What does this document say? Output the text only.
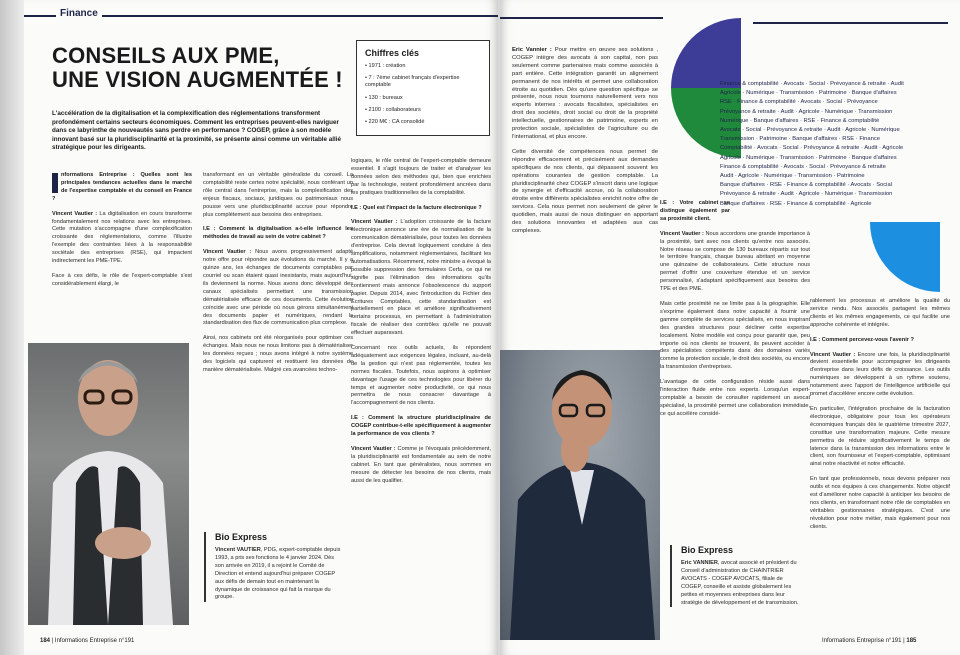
Finance
CONSEILS AUX PME,
UNE VISION AUGMENTÉE !
Chiffres clés
• 1971 : création
• 7 : 7ème cabinet français d'expertise comptable
• 130 : bureaux
• 2100 : collaborateurs
• 220 M€ : CA consolidé
L'accélération de la digitalisation et la complexification des réglementations transforment profondément certains secteurs économiques. Comment les entreprises peuvent-elles naviguer dans ce labyrinthe de nouveautés sans perdre en performance ? COGEP, grâce à son modèle innovant basé sur la pluridisciplinarité et la proximité, se présente ainsi comme un véritable allié stratégique pour les dirigeants.

nformations Entreprise : Quelles sont les principales tendances actuelles dans le marché de l'expertise comptable et du conseil en France ?

Vincent Vautier : La digitalisation en cours transforme fondamentalement nos relations avec les entreprises. Cette mutation s'accompagne d'une complexification croissante des réglementations, comme l'illustre l'exemple des contraintes liées à la responsabilité sociétale des entreprises (RSE), qui impactent indirectement les PME-TPE.

Face à ces défis, le rôle de l'expert-comptable s'est considérablement élargi, le

transformant en un véritable généraliste du conseil. La comptabilité reste certes notre spécialité, nous conférant un rôle central dans l'entreprise, mais la complexification des enjeux fiscaux, sociaux, juridiques ou patrimoniaux nous pousse vers une pluridisciplinarité accrue pour répondre plus complètement aux besoins des entreprises.

I.E : Comment la digitalisation a-t-elle influencé les méthodes de travail au sein de votre cabinet ?

Vincent Vautier : Nous avons progressivement adapté notre offre pour répondre aux évolutions du marché. Il y a quinze ans, les échanges de documents comptables par courriel ou scan étaient quasi inexistants, mais aujourd'hui, ils deviennent la norme. Nous avons donc développé des canaux spécialisés permettant une transmission dématérialisée efficace de ces documents. Cette évolution coïncide avec une période où nous gérons simultanément des documents papier et numériques, rendant la standardisation des flux de communication plus complexe.

Ainsi, nos cabinets ont été réorganisés pour optimiser ces échanges. Mais nous ne nous limitons pas à dématérialiser les données reçues ; nous avons intégré à notre système des logiciels qui capturent et restituent les données de manière dématérialisée. Malgré ces avancées techno-

Bio Express

Vincent VAUTIER, PDG, expert-comptable depuis 1993, a pris ses fonctions le 4 janvier 2024. Dès son arrivée en 2019, il a rejoint le Comité de Direction et entend aujourd'hui préparer COGEP aux défis de demain tout en maintenant la dynamique de croissance qui fait la marque du groupe.

logiques, le rôle central de l'expert-comptable demeure essentiel. Il s'agit toujours de traiter et d'analyser les données selon des méthodes qui, bien que enrichies par la technologie, restent profondément ancrées dans les pratiques traditionnelles de la comptabilité.

I.E : Quel est l'impact de la facture électronique ?

Vincent Vautier : L'adoption croissante de la facture électronique annonce une ère de normalisation de la communication dématérialisée, pour toutes les données d'entreprise. Cela devrait logiquement conduire à des simplifications, notamment réglementaires, facilitant les automatisations. Récemment, notre ministre a évoqué la possible suppression des formulaires Cerfa, ce qui ne signifie pas l'élimination des informations qu'ils contiennent mais annonce l'obsolescence du support papier. Depuis 2014, avec l'introduction du Fichier des Écritures Comptables, cette standardisation est partiellement en place et améliore significativement certains processus, en permettant à l'administration fiscale de réaliser des contrôles qu'elle ne pouvait effectuer auparavant.

Concernant nos outils actuels, ils répondent adéquatement aux exigences légales, incluant, au-delà de la gestion qui n'est pas réglementée, toutes les normes fiscales. Toutefois, nous aspirons à optimiser davantage l'usage de ces technologies pour libérer du temps et augmenter notre productivité, ce qui nous permettra de nous consacrer davantage à l'accompagnement de nos clients.

I.E : Comment la structure pluridisciplinaire de COGEP contribue-t-elle spécifiquement à augmenter la performance de vos clients ?

Vincent Vautier : Comme je l'évoquais précédemment, la pluridisciplinarité est fondamentale au sein de notre cabinet. En tant que généralistes, nous sommes en mesure de détecter les besoins de nos clients, mais aussi de les qualifier.

184 | Informations Entreprise n°191
Finance & comptabilité · Avocats · Social · Prévoyance & retraite · Audit
Agricole · Numérique · Transmission · Patrimoine · Banque d'affaires
RSE · Finance & comptabilité · Avocats · Social · Prévoyance
Prévoyance & retraite · Audit · Agricole · Numérique · Transmission
Numérique · Banque d'affaires · RSE · Finance & comptabilité
Avocats · Social · Prévoyance & retraite · Audit · Agricole · Numérique
Transmission · Patrimoine · Banque d'affaires · RSE · Finance
Comptabilité · Avocats · Social · Prévoyance & retraite · Audit · Agricole
Agricole · Numérique · Transmission · Patrimoine · Banque d'affaires
Finance & comptabilité · Avocats · Social · Prévoyance & retraite
Audit · Agricole · Numérique · Transmission · Patrimoine
Banque d'affaires · RSE · Finance & comptabilité · Avocats · Social
Prévoyance & retraite · Audit · Agricole · Numérique · Transmission
Banque d'affaires · RSE · Finance & comptabilité · Agricole

Eric Vannier : Pour mettre en œuvre ses solutions , COGEP intègre des avocats à son capital, non pas seulement comme partenaires mais comme associés à part entière. Cette intégration garantit un alignement permanent de nos intérêts et permet une collaboration étroite au quotidien. Dès qu'une question spécifique se présente, nous nous tournons naturellement vers nos experts internes : avocats fiscalistes, spécialistes en droit des sociétés, droit social ou droit de la propriété intellectuelle, gestionnaires de patrimoine, experts en protection sociale, spécialistes de l'agriculture ou de l'international, et plus encore.

Cette diversité de compétences nous permet de répondre efficacement et précisément aux demandes spécifiques de nos clients, qui dépassent souvent les opérations courantes de gestion comptable. La pluridisciplinarité chez COGEP s'inscrit dans une logique de synergie et d'efficacité accrue, où la collaboration étroite entre différents spécialistes enrichit notre offre de services. Cela nous permet non seulement de gérer le quotidien, mais aussi de nous distinguer en apportant des solutions innovantes et adaptées aux cas complexes.

Bio Express

Eric VANNIER, avocat associé et président du Conseil d'administration de CHAINTRIER AVOCATS - COGEP AVOCATS, filiale de COGEP, conseille et assiste globalement les petites et moyennes entreprises dans leur stratégie de développement et de transmission.

I.E : Votre cabinet se distingue également par sa proximité client.

Vincent Vautier : Nous accordons une grande importance à la proximité, tant avec nos clients qu'entre nos associés. Notre réseau se compose de 130 bureaux répartis sur tout le territoire français, chaque bureau abritant en moyenne une quinzaine de collaborateurs. Cette structure nous permet d'offrir une couverture étendue et un service personnalisé, s'adaptant spécifiquement aux besoins des TPE et des PME.

Mais cette proximité ne se limite pas à la géographie. Elle s'exprime également dans notre capacité à fournir une gamme complète de services spécialisés, en nous inspirant des grandes structures pour décliner cette expertise localement. Notre modèle est conçu pour garantir que, peu importe où nos clients se trouvent, ils peuvent accéder à des spécialistes compétents dans des domaines variés comme la protection sociale, le droit des sociétés, ou encore la transmission d'entreprises.

L'avantage de cette configuration réside aussi dans l'interaction fluide entre nos experts. Lorsqu'un expert-comptable a besoin de consulter rapidement un avocat spécialisé, la proximité permet une collaboration immédiate, ce qui accélère considé-

rablement les processus et améliore la qualité du service rendu. Nos associés partagent les mêmes clients et les mêmes engagements, ce qui facilite une approche cohérente et intégrée.

I.E : Comment percevez-vous l'avenir ?

Vincent Vautier : Encore une fois, la pluridisciplinarité devient essentielle pour accompagner les dirigeants d'entreprise dans leurs défis de croissance. Les outils numériques se développent à un rythme soutenu, notamment avec l'apport de l'intelligence artificielle qui promet d'accélérer encore cette évolution.

En particulier, l'intégration prochaine de la facturation électronique, obligatoire pour tous les opérateurs économiques français dès le quatrième trimestre 2027, constitue une transformation majeure. Cette mesure permettra de réduire significativement le temps de latence dans la transmission des informations entre le client, son fournisseur et l'expert-comptable, optimisant ainsi notre réactivité et notre efficacité.

En tant que professionnels, nous devons préparer nos outils et nos équipes à ces changements. Notre objectif est d'améliorer notre capacité à anticiper les besoins de nos clients, en transformant notre rôle de comptables en véritables gestionnaires stratégiques. C'est une révolution pour notre métier, mais également pour nos clients.

Informations Entreprise n°191 | 185
